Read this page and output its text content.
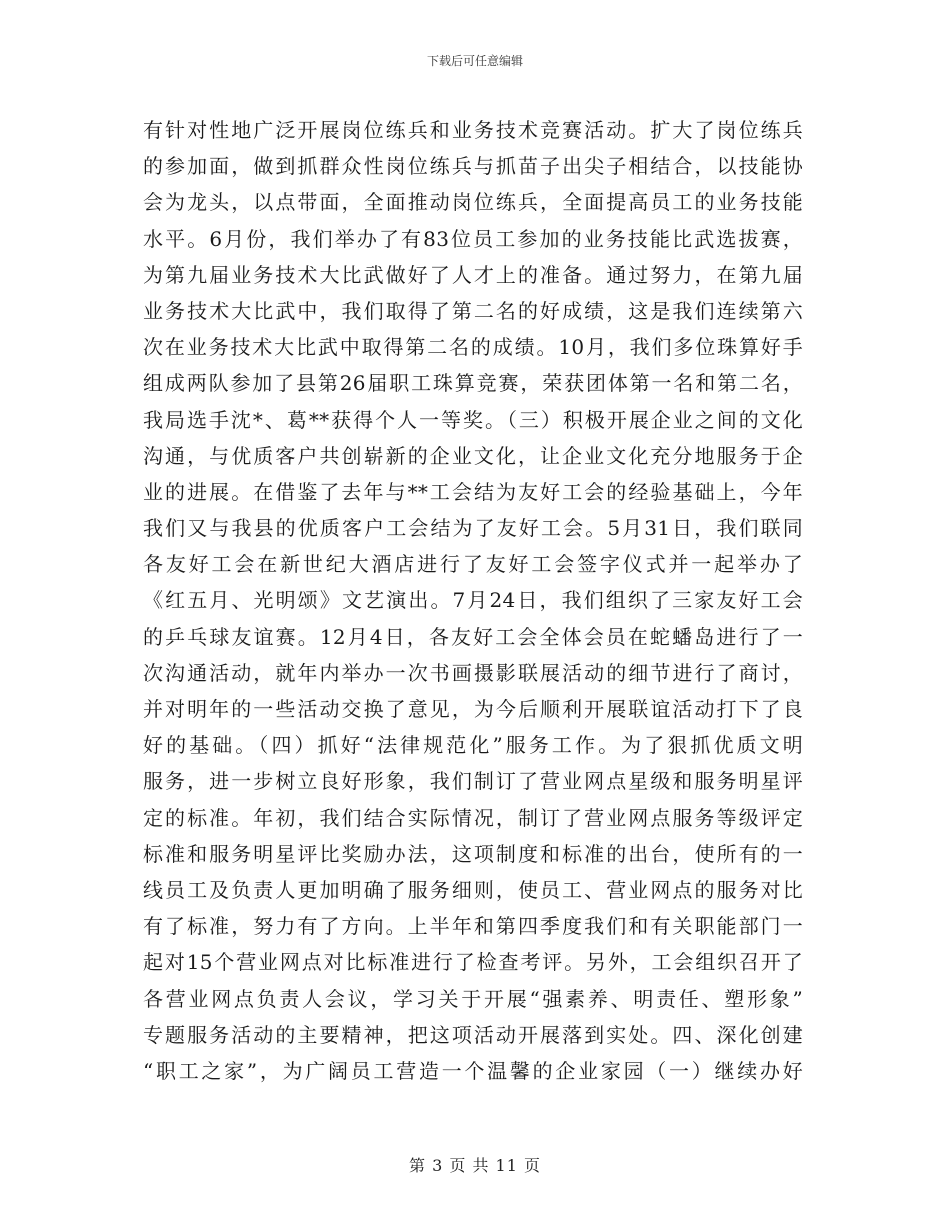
下载后可任意编辑
有针对性地广泛开展岗位练兵和业务技术竞赛活动。扩大了岗位练兵
的参加面，做到抓群众性岗位练兵与抓苗子出尖子相结合，以技能协
会为龙头，以点带面，全面推动岗位练兵，全面提高员工的业务技能
水平。6月份，我们举办了有83位员工参加的业务技能比武选拔赛，
为第九届业务技术大比武做好了人才上的准备。通过努力，在第九届
业务技术大比武中，我们取得了第二名的好成绩，这是我们连续第六
次在业务技术大比武中取得第二名的成绩。10月，我们多位珠算好手
组成两队参加了县第26届职工珠算竞赛，荣获团体第一名和第二名，
我局选手沈*、葛**获得个人一等奖。（三）积极开展企业之间的文化
沟通，与优质客户共创崭新的企业文化，让企业文化充分地服务于企
业的进展。在借鉴了去年与**工会结为友好工会的经验基础上，今年
我们又与我县的优质客户工会结为了友好工会。5月31日，我们联同
各友好工会在新世纪大酒店进行了友好工会签字仪式并一起举办了
《红五月、光明颂》文艺演出。7月24日，我们组织了三家友好工会
的乒乓球友谊赛。12月4日，各友好工会全体会员在蛇蟠岛进行了一
次沟通活动，就年内举办一次书画摄影联展活动的细节进行了商讨，
并对明年的一些活动交换了意见，为今后顺利开展联谊活动打下了良
好的基础。（四）抓好“法律规范化”服务工作。为了狠抓优质文明
服务，进一步树立良好形象，我们制订了营业网点星级和服务明星评
定的标准。年初，我们结合实际情况，制订了营业网点服务等级评定
标准和服务明星评比奖励办法，这项制度和标准的出台，使所有的一
线员工及负责人更加明确了服务细则，使员工、营业网点的服务对比
有了标准，努力有了方向。上半年和第四季度我们和有关职能部门一
起对15个营业网点对比标准进行了检查考评。另外，工会组织召开了
各营业网点负责人会议，学习关于开展“强素养、明责任、塑形象”
专题服务活动的主要精神，把这项活动开展落到实处。四、深化创建
“职工之家”，为广阔员工营造一个温馨的企业家园（一）继续办好
第 3 页 共 11 页
